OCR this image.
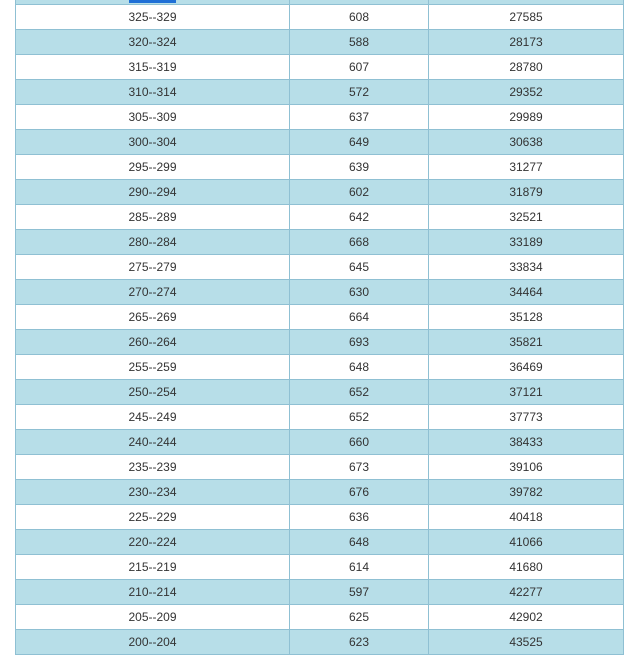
325--329	608	27585
320--324	588	28173
315--319	607	28780
310--314	572	29352
305--309	637	29989
300--304	649	30638
295--299	639	31277
290--294	602	31879
285--289	642	32521
280--284	668	33189
275--279	645	33834
270--274	630	34464
265--269	664	35128
260--264	693	35821
255--259	648	36469
250--254	652	37121
245--249	652	37773
240--244	660	38433
235--239	673	39106
230--234	676	39782
225--229	636	40418
220--224	648	41066
215--219	614	41680
210--214	597	42277
205--209	625	42902
200--204	623	43525
